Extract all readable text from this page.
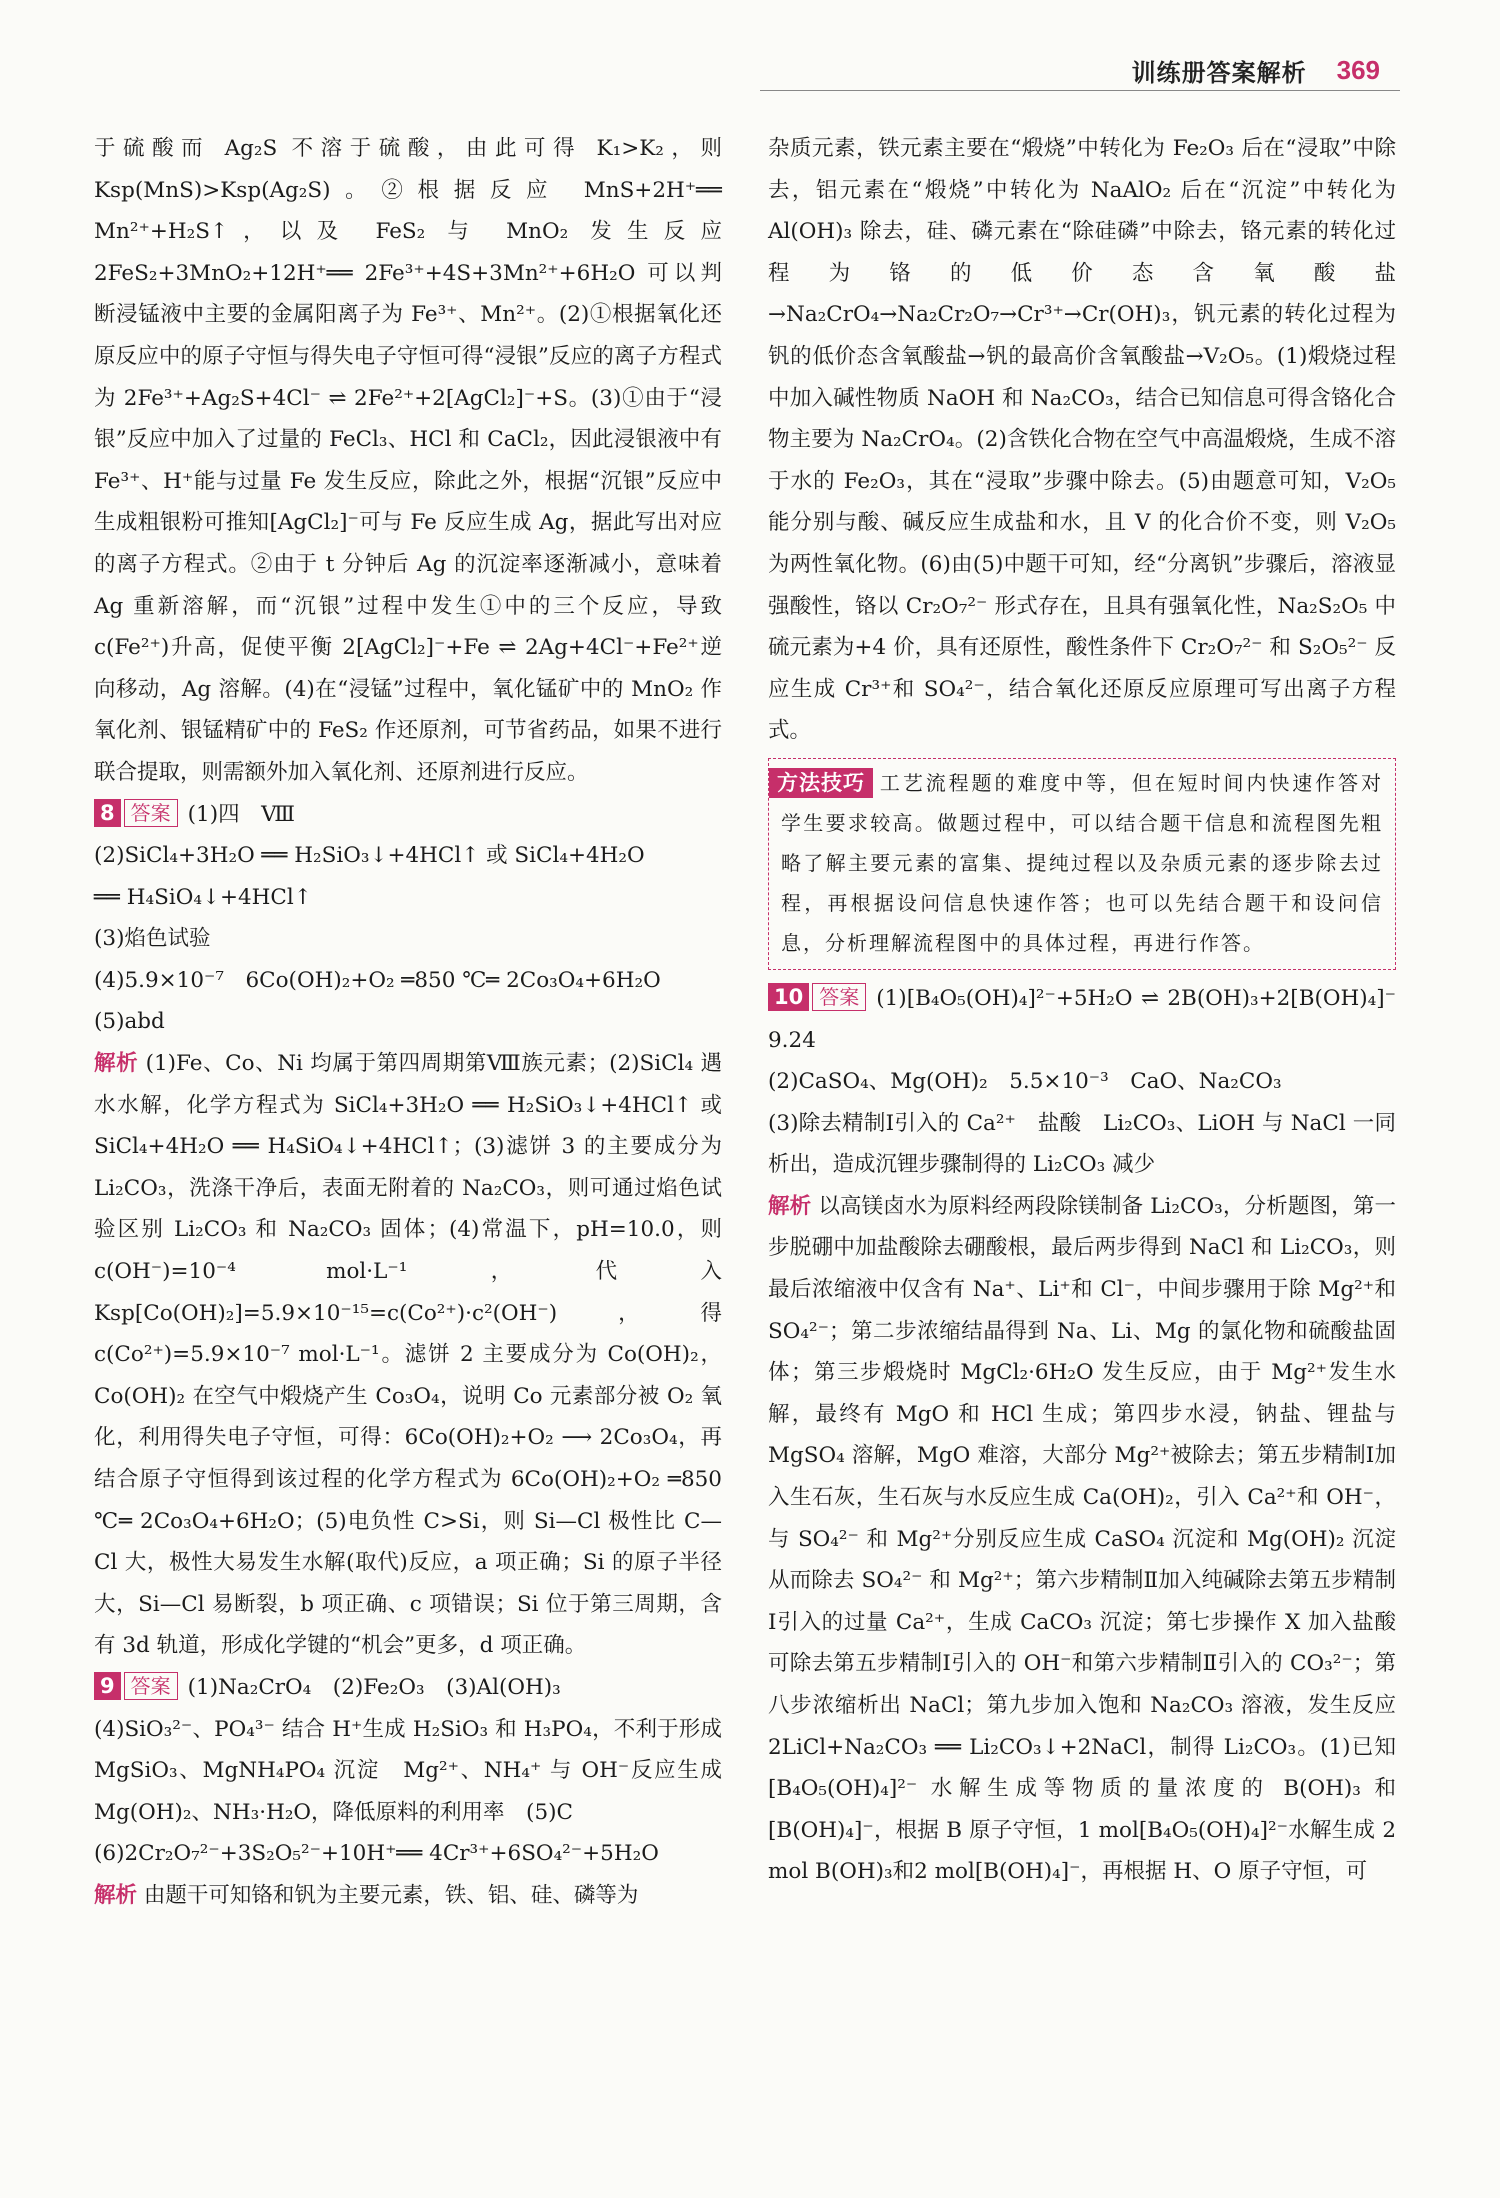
训练册答案解析 369

于硫酸而 Ag₂S 不溶于硫酸，由此可得 K₁>K₂，则 Ksp(MnS)>Ksp(Ag₂S)。②根据反应 MnS+2H⁺══ Mn²⁺+H₂S↑，以及 FeS₂ 与 MnO₂ 发生反应 2FeS₂+3MnO₂+12H⁺══ 2Fe³⁺+4S+3Mn²⁺+6H₂O 可以判断浸锰液中主要的金属阳离子为 Fe³⁺、Mn²⁺。(2)①根据氧化还原反应中的原子守恒与得失电子守恒可得“浸银”反应的离子方程式为 2Fe³⁺+Ag₂S+4Cl⁻ ⇌ 2Fe²⁺+2[AgCl₂]⁻+S。(3)①由于“浸银”反应中加入了过量的 FeCl₃、HCl 和 CaCl₂，因此浸银液中有 Fe³⁺、H⁺能与过量 Fe 发生反应，除此之外，根据“沉银”反应中生成粗银粉可推知[AgCl₂]⁻可与 Fe 反应生成 Ag，据此写出对应的离子方程式。②由于 t 分钟后 Ag 的沉淀率逐渐减小，意味着 Ag 重新溶解，而“沉银”过程中发生①中的三个反应，导致 c(Fe²⁺)升高，促使平衡 2[AgCl₂]⁻+Fe ⇌ 2Ag+4Cl⁻+Fe²⁺逆向移动，Ag 溶解。(4)在“浸锰”过程中，氧化锰矿中的 MnO₂ 作氧化剂、银锰精矿中的 FeS₂ 作还原剂，可节省药品，如果不进行联合提取，则需额外加入氧化剂、还原剂进行反应。

8 答案 (1)四　Ⅷ

(2)SiCl₄+3H₂O ══ H₂SiO₃↓+4HCl↑ 或 SiCl₄+4H₂O

══ H₄SiO₄↓+4HCl↑

(3)焰色试验

(4)5.9×10⁻⁷　6Co(OH)₂+O₂ ═850 ℃═ 2Co₃O₄+6H₂O

(5)abd

解析 (1)Fe、Co、Ni 均属于第四周期第Ⅷ族元素；(2)SiCl₄ 遇水水解，化学方程式为 SiCl₄+3H₂O ══ H₂SiO₃↓+4HCl↑ 或 SiCl₄+4H₂O ══ H₄SiO₄↓+4HCl↑；(3)滤饼 3 的主要成分为 Li₂CO₃，洗涤干净后，表面无附着的 Na₂CO₃，则可通过焰色试验区别 Li₂CO₃ 和 Na₂CO₃ 固体；(4)常温下，pH=10.0，则 c(OH⁻)=10⁻⁴ mol·L⁻¹，代入 Ksp[Co(OH)₂]=5.9×10⁻¹⁵=c(Co²⁺)·c²(OH⁻)，得 c(Co²⁺)=5.9×10⁻⁷ mol·L⁻¹。滤饼 2 主要成分为 Co(OH)₂，Co(OH)₂ 在空气中煅烧产生 Co₃O₄，说明 Co 元素部分被 O₂ 氧化，利用得失电子守恒，可得：6Co(OH)₂+O₂ ⟶ 2Co₃O₄，再结合原子守恒得到该过程的化学方程式为 6Co(OH)₂+O₂ ═850 ℃═ 2Co₃O₄+6H₂O；(5)电负性 C>Si，则 Si—Cl 极性比 C—Cl 大，极性大易发生水解(取代)反应，a 项正确；Si 的原子半径大，Si—Cl 易断裂，b 项正确、c 项错误；Si 位于第三周期，含有 3d 轨道，形成化学键的“机会”更多，d 项正确。

9 答案 (1)Na₂CrO₄　(2)Fe₂O₃　(3)Al(OH)₃

(4)SiO₃²⁻、PO₄³⁻ 结合 H⁺生成 H₂SiO₃ 和 H₃PO₄，不利于形成 MgSiO₃、MgNH₄PO₄ 沉淀　Mg²⁺、NH₄⁺ 与 OH⁻反应生成 Mg(OH)₂、NH₃·H₂O，降低原料的利用率　(5)C

(6)2Cr₂O₇²⁻+3S₂O₅²⁻+10H⁺══ 4Cr³⁺+6SO₄²⁻+5H₂O

解析 由题干可知铬和钒为主要元素，铁、铝、硅、磷等为

杂质元素，铁元素主要在“煅烧”中转化为 Fe₂O₃ 后在“浸取”中除去，铝元素在“煅烧”中转化为 NaAlO₂ 后在“沉淀”中转化为 Al(OH)₃ 除去，硅、磷元素在“除硅磷”中除去，铬元素的转化过程为铬的低价态含氧酸盐→Na₂CrO₄→Na₂Cr₂O₇→Cr³⁺→Cr(OH)₃，钒元素的转化过程为钒的低价态含氧酸盐→钒的最高价含氧酸盐→V₂O₅。(1)煅烧过程中加入碱性物质 NaOH 和 Na₂CO₃，结合已知信息可得含铬化合物主要为 Na₂CrO₄。(2)含铁化合物在空气中高温煅烧，生成不溶于水的 Fe₂O₃，其在“浸取”步骤中除去。(5)由题意可知，V₂O₅ 能分别与酸、碱反应生成盐和水，且 V 的化合价不变，则 V₂O₅ 为两性氧化物。(6)由(5)中题干可知，经“分离钒”步骤后，溶液显强酸性，铬以 Cr₂O₇²⁻ 形式存在，且具有强氧化性，Na₂S₂O₅ 中硫元素为+4 价，具有还原性，酸性条件下 Cr₂O₇²⁻ 和 S₂O₅²⁻ 反应生成 Cr³⁺和 SO₄²⁻，结合氧化还原反应原理可写出离子方程式。

方法技巧 工艺流程题的难度中等，但在短时间内快速作答对学生要求较高。做题过程中，可以结合题干信息和流程图先粗略了解主要元素的富集、提纯过程以及杂质元素的逐步除去过程，再根据设问信息快速作答；也可以先结合题干和设问信息，分析理解流程图中的具体过程，再进行作答。

10 答案 (1)[B₄O₅(OH)₄]²⁻+5H₂O ⇌ 2B(OH)₃+2[B(OH)₄]⁻　9.24

(2)CaSO₄、Mg(OH)₂　5.5×10⁻³　CaO、Na₂CO₃

(3)除去精制Ⅰ引入的 Ca²⁺　盐酸　Li₂CO₃、LiOH 与 NaCl 一同析出，造成沉锂步骤制得的 Li₂CO₃ 减少

解析 以高镁卤水为原料经两段除镁制备 Li₂CO₃，分析题图，第一步脱硼中加盐酸除去硼酸根，最后两步得到 NaCl 和 Li₂CO₃，则最后浓缩液中仅含有 Na⁺、Li⁺和 Cl⁻，中间步骤用于除 Mg²⁺和 SO₄²⁻；第二步浓缩结晶得到 Na、Li、Mg 的氯化物和硫酸盐固体；第三步煅烧时 MgCl₂·6H₂O 发生反应，由于 Mg²⁺发生水解，最终有 MgO 和 HCl 生成；第四步水浸，钠盐、锂盐与 MgSO₄ 溶解，MgO 难溶，大部分 Mg²⁺被除去；第五步精制Ⅰ加入生石灰，生石灰与水反应生成 Ca(OH)₂，引入 Ca²⁺和 OH⁻，与 SO₄²⁻ 和 Mg²⁺分别反应生成 CaSO₄ 沉淀和 Mg(OH)₂ 沉淀从而除去 SO₄²⁻ 和 Mg²⁺；第六步精制Ⅱ加入纯碱除去第五步精制Ⅰ引入的过量 Ca²⁺，生成 CaCO₃ 沉淀；第七步操作 X 加入盐酸可除去第五步精制Ⅰ引入的 OH⁻和第六步精制Ⅱ引入的 CO₃²⁻；第八步浓缩析出 NaCl；第九步加入饱和 Na₂CO₃ 溶液，发生反应 2LiCl+Na₂CO₃ ══ Li₂CO₃↓+2NaCl，制得 Li₂CO₃。(1)已知[B₄O₅(OH)₄]²⁻ 水解生成等物质的量浓度的 B(OH)₃ 和[B(OH)₄]⁻，根据 B 原子守恒，1 mol[B₄O₅(OH)₄]²⁻水解生成 2 mol B(OH)₃和2 mol[B(OH)₄]⁻，再根据 H、O 原子守恒，可
